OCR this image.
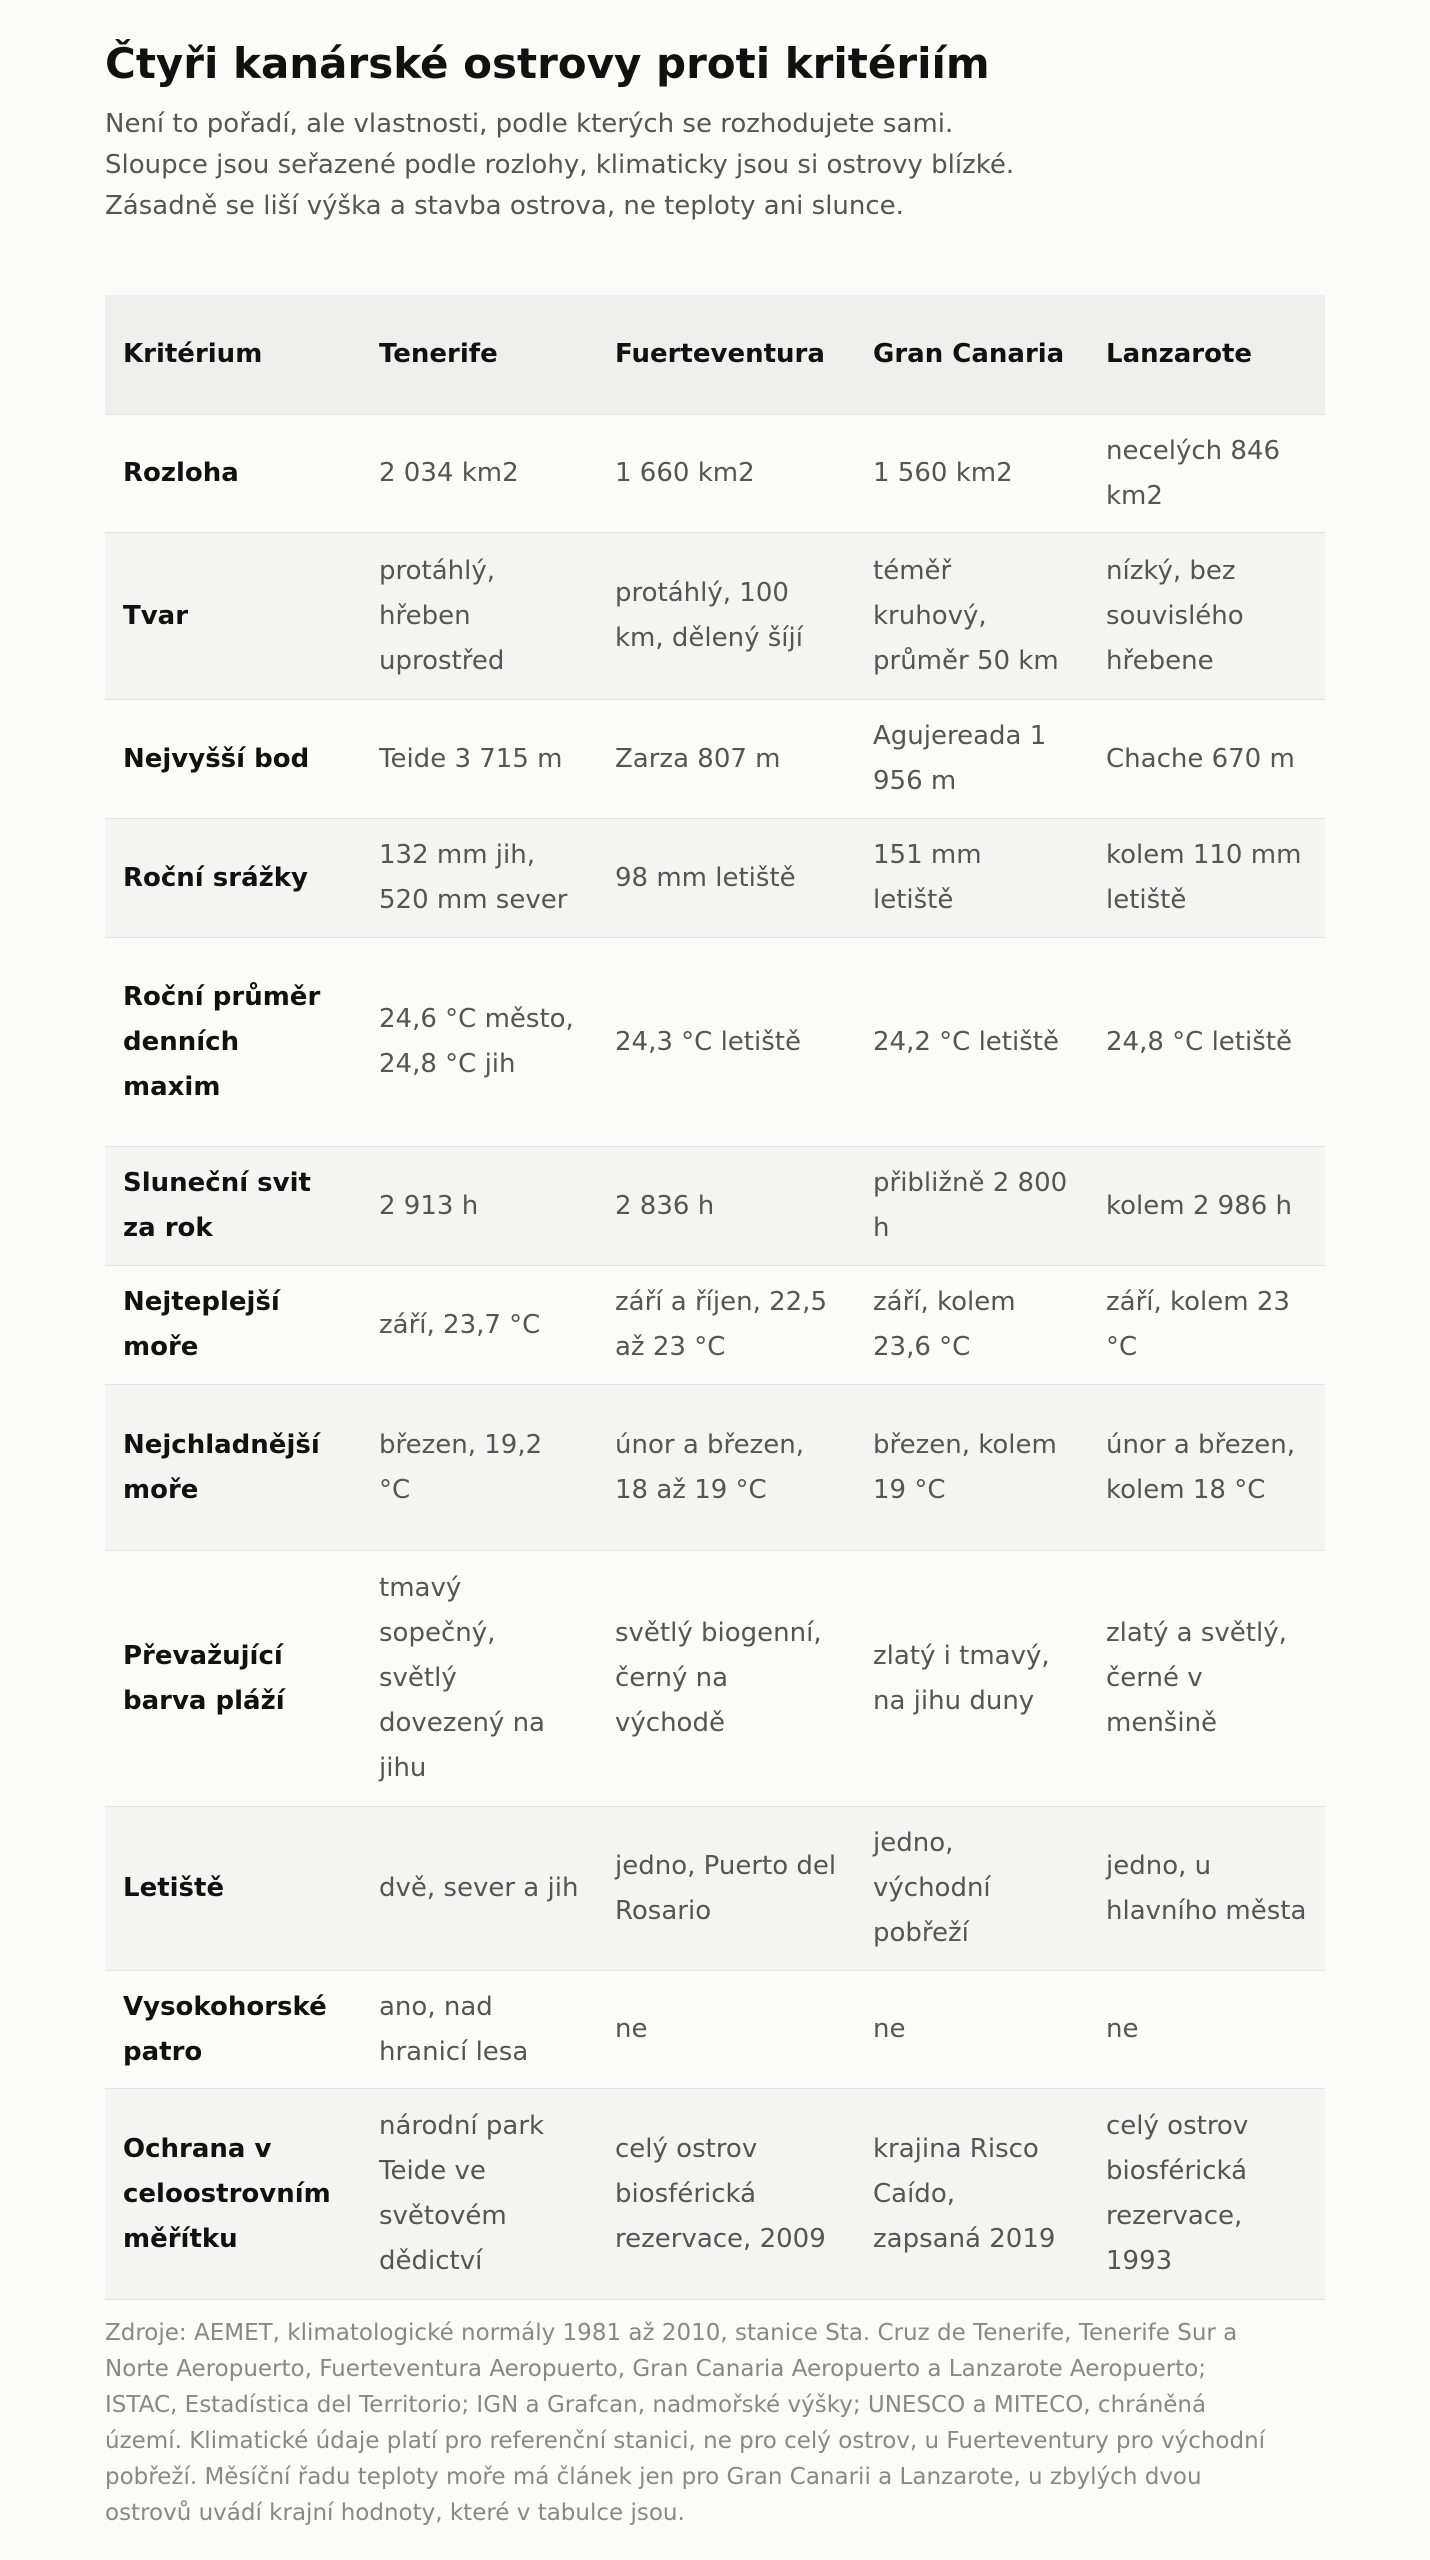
Čtyři kanárské ostrovy proti kritériím

Není to pořadí, ale vlastnosti, podle kterých se rozhodujete sami.

Sloupce jsou seřazené podle rozlohy, klimaticky jsou si ostrovy blízké.

Zásadně se liší výška a stavba ostrova, ne teploty ani slunce.

Kritérium	Tenerife	Fuerteventura	Gran Canaria	Lanzarote
Rozloha	2 034 km2	1 660 km2	1 560 km2	necelých 846 km2
Tvar	protáhlý, hřeben uprostřed	protáhlý, 100 km, dělený šíjí	téměř kruhový, průměr 50 km	nízký, bez souvislého hřebene
Nejvyšší bod	Teide 3 715 m	Zarza 807 m	Agujereada 1 956 m	Chache 670 m
Roční srážky	132 mm jih, 520 mm sever	98 mm letiště	151 mm letiště	kolem 110 mm letiště
Roční průměr denních maxim	24,6 °C město, 24,8 °C jih	24,3 °C letiště	24,2 °C letiště	24,8 °C letiště
Sluneční svit za rok	2 913 h	2 836 h	přibližně 2 800 h	kolem 2 986 h
Nejteplejší moře	září, 23,7 °C	září a říjen, 22,5 až 23 °C	září, kolem 23,6 °C	září, kolem 23 °C
Nejchladnější moře	březen, 19,2 °C	únor a březen, 18 až 19 °C	březen, kolem 19 °C	únor a březen, kolem 18 °C
Převažující barva pláží	tmavý sopečný, světlý dovezený na jihu	světlý biogenní, černý na východě	zlatý i tmavý, na jihu duny	zlatý a světlý, černé v menšině
Letiště	dvě, sever a jih	jedno, Puerto del Rosario	jedno, východní pobřeží	jedno, u hlavního města
Vysokohorské patro	ano, nad hranicí lesa	ne	ne	ne
Ochrana v celoostrovním měřítku	národní park Teide ve světovém dědictví	celý ostrov biosférická rezervace, 2009	krajina Risco Caído, zapsaná 2019	celý ostrov biosférická rezervace, 1993

Zdroje: AEMET, klimatologické normály 1981 až 2010, stanice Sta. Cruz de Tenerife, Tenerife Sur a

Norte Aeropuerto, Fuerteventura Aeropuerto, Gran Canaria Aeropuerto a Lanzarote Aeropuerto;

ISTAC, Estadística del Territorio; IGN a Grafcan, nadmořské výšky; UNESCO a MITECO, chráněná

území. Klimatické údaje platí pro referenční stanici, ne pro celý ostrov, u Fuerteventury pro východní

pobřeží. Měsíční řadu teploty moře má článek jen pro Gran Canarii a Lanzarote, u zbylých dvou

ostrovů uvádí krajní hodnoty, které v tabulce jsou.
